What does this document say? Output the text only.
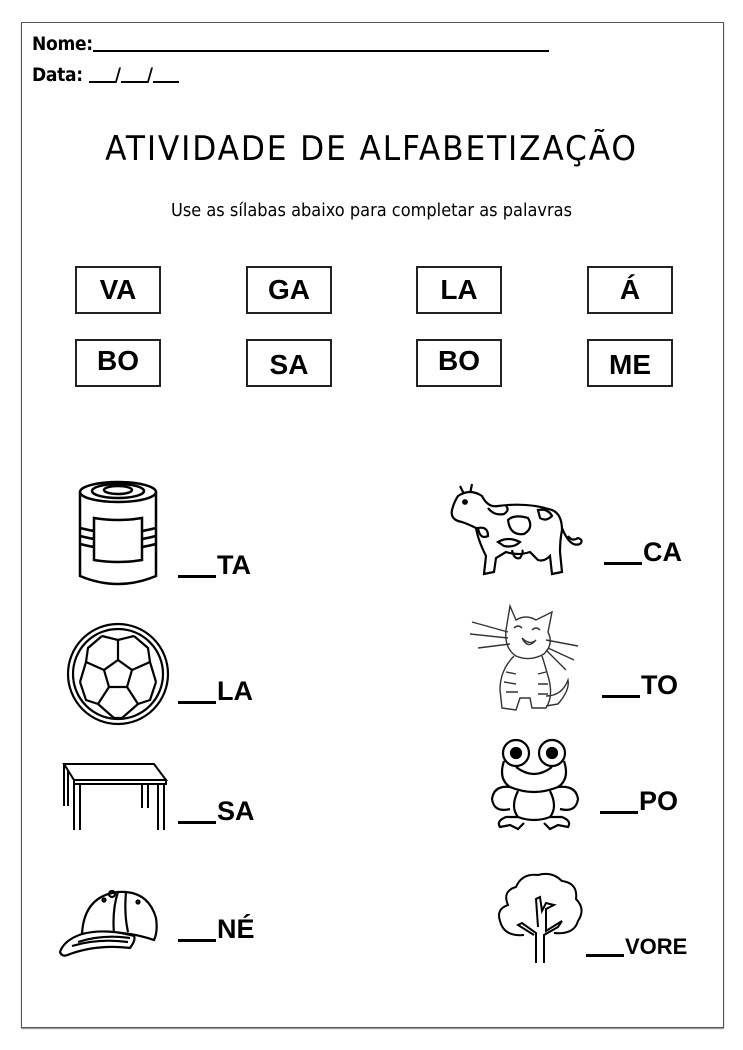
Nome:
Data: / /
ATIVIDADE DE ALFABETIZAÇÃO
Use as sílabas abaixo para completar as palavras
VA	GA	LA	Á
BO	SA	BO	ME
TA
LA
SA
NÉ
CA
TO
PO
VORE
